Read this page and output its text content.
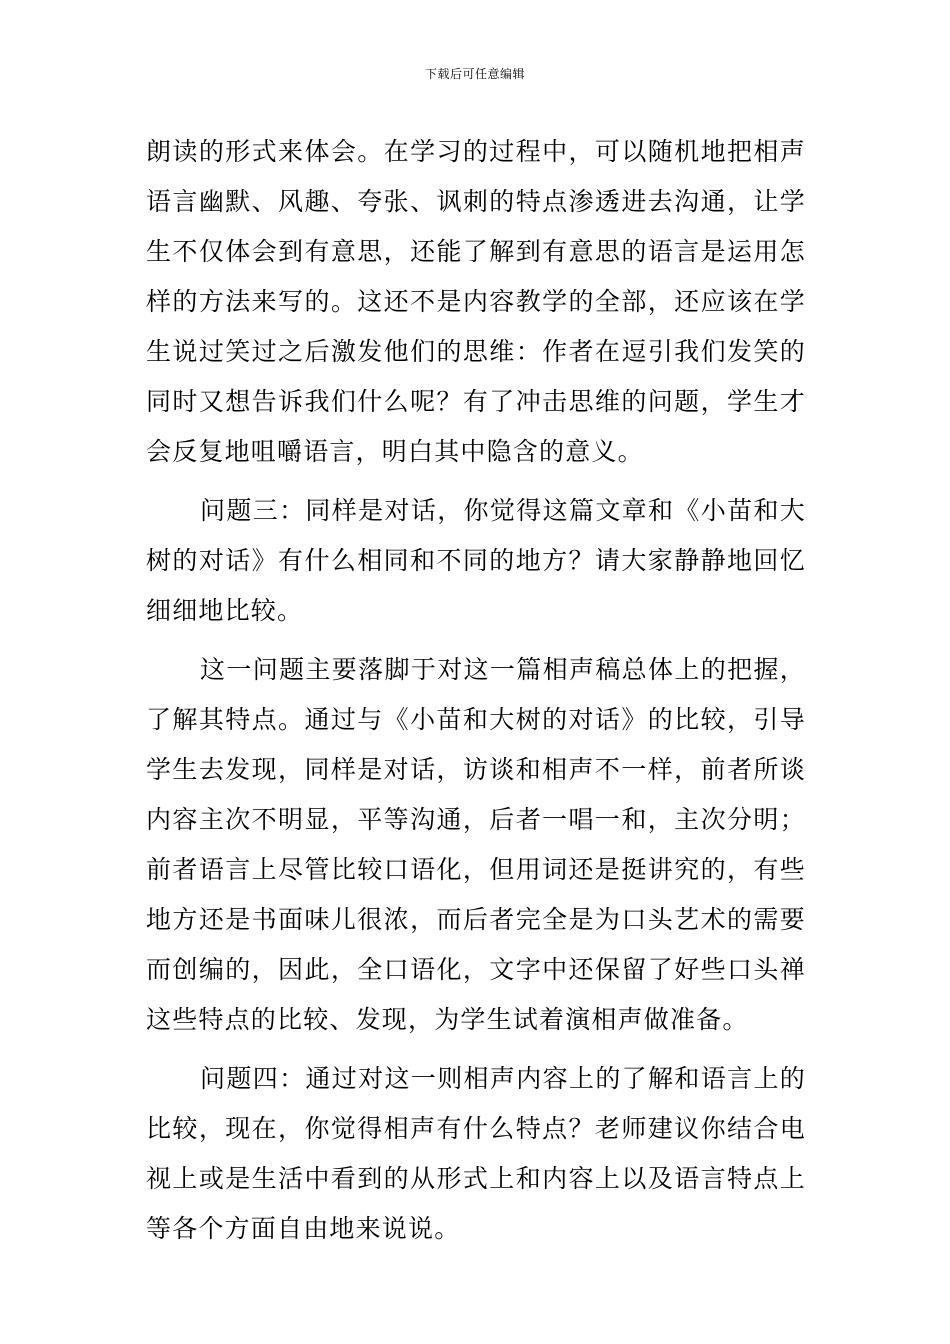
下载后可任意编辑
朗读的形式来体会。在学习的过程中，可以随机地把相声
语言幽默、风趣、夸张、讽刺的特点渗透进去沟通，让学
生不仅体会到有意思，还能了解到有意思的语言是运用怎
样的方法来写的。这还不是内容教学的全部，还应该在学
生说过笑过之后激发他们的思维：作者在逗引我们发笑的
同时又想告诉我们什么呢？有了冲击思维的问题，学生才
会反复地咀嚼语言，明白其中隐含的意义。
问题三：同样是对话，你觉得这篇文章和《小苗和大
树的对话》有什么相同和不同的地方？请大家静静地回忆
细细地比较。
这一问题主要落脚于对这一篇相声稿总体上的把握，
了解其特点。通过与《小苗和大树的对话》的比较，引导
学生去发现，同样是对话，访谈和相声不一样，前者所谈
内容主次不明显，平等沟通，后者一唱一和，主次分明；
前者语言上尽管比较口语化，但用词还是挺讲究的，有些
地方还是书面味儿很浓，而后者完全是为口头艺术的需要
而创编的，因此，全口语化，文字中还保留了好些口头禅
这些特点的比较、发现，为学生试着演相声做准备。
问题四：通过对这一则相声内容上的了解和语言上的
比较，现在，你觉得相声有什么特点？老师建议你结合电
视上或是生活中看到的从形式上和内容上以及语言特点上
等各个方面自由地来说说。
